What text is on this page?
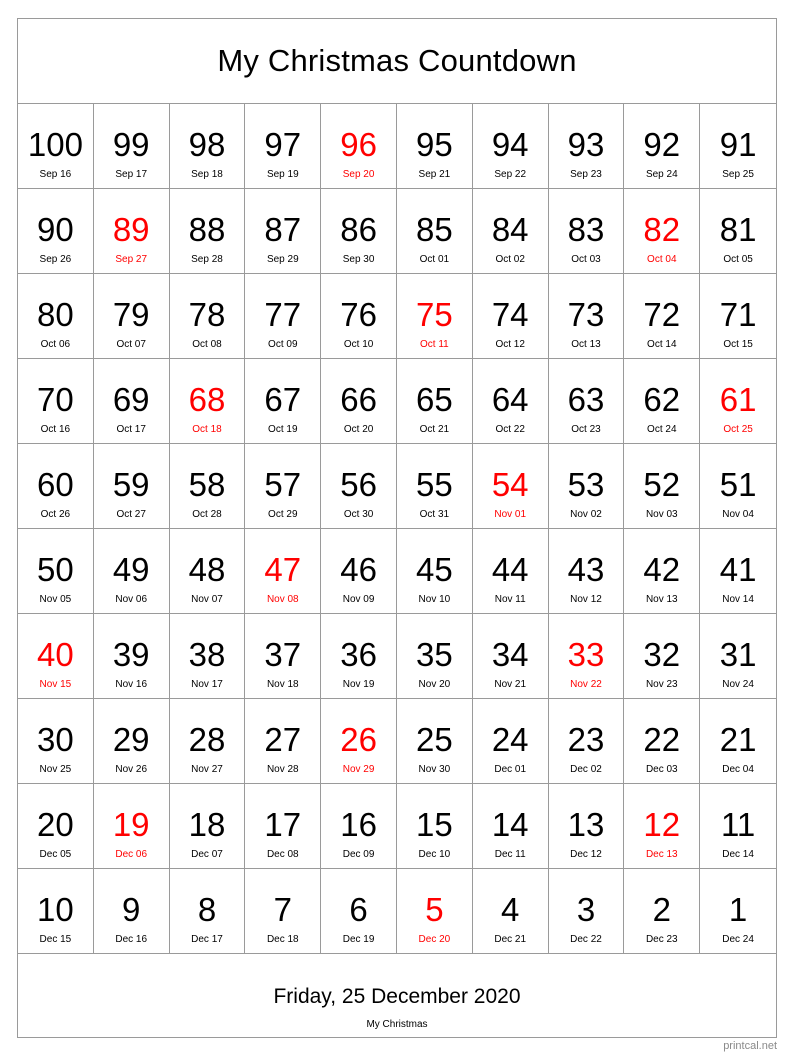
My Christmas Countdown
100
Sep 16
99
Sep 17
98
Sep 18
97
Sep 19
96
Sep 20
95
Sep 21
94
Sep 22
93
Sep 23
92
Sep 24
91
Sep 25
90
Sep 26
89
Sep 27
88
Sep 28
87
Sep 29
86
Sep 30
85
Oct 01
84
Oct 02
83
Oct 03
82
Oct 04
81
Oct 05
80
Oct 06
79
Oct 07
78
Oct 08
77
Oct 09
76
Oct 10
75
Oct 11
74
Oct 12
73
Oct 13
72
Oct 14
71
Oct 15
70
Oct 16
69
Oct 17
68
Oct 18
67
Oct 19
66
Oct 20
65
Oct 21
64
Oct 22
63
Oct 23
62
Oct 24
61
Oct 25
60
Oct 26
59
Oct 27
58
Oct 28
57
Oct 29
56
Oct 30
55
Oct 31
54
Nov 01
53
Nov 02
52
Nov 03
51
Nov 04
50
Nov 05
49
Nov 06
48
Nov 07
47
Nov 08
46
Nov 09
45
Nov 10
44
Nov 11
43
Nov 12
42
Nov 13
41
Nov 14
40
Nov 15
39
Nov 16
38
Nov 17
37
Nov 18
36
Nov 19
35
Nov 20
34
Nov 21
33
Nov 22
32
Nov 23
31
Nov 24
30
Nov 25
29
Nov 26
28
Nov 27
27
Nov 28
26
Nov 29
25
Nov 30
24
Dec 01
23
Dec 02
22
Dec 03
21
Dec 04
20
Dec 05
19
Dec 06
18
Dec 07
17
Dec 08
16
Dec 09
15
Dec 10
14
Dec 11
13
Dec 12
12
Dec 13
11
Dec 14
10
Dec 15
9
Dec 16
8
Dec 17
7
Dec 18
6
Dec 19
5
Dec 20
4
Dec 21
3
Dec 22
2
Dec 23
1
Dec 24
Friday, 25 December 2020
My Christmas
printcal.net
